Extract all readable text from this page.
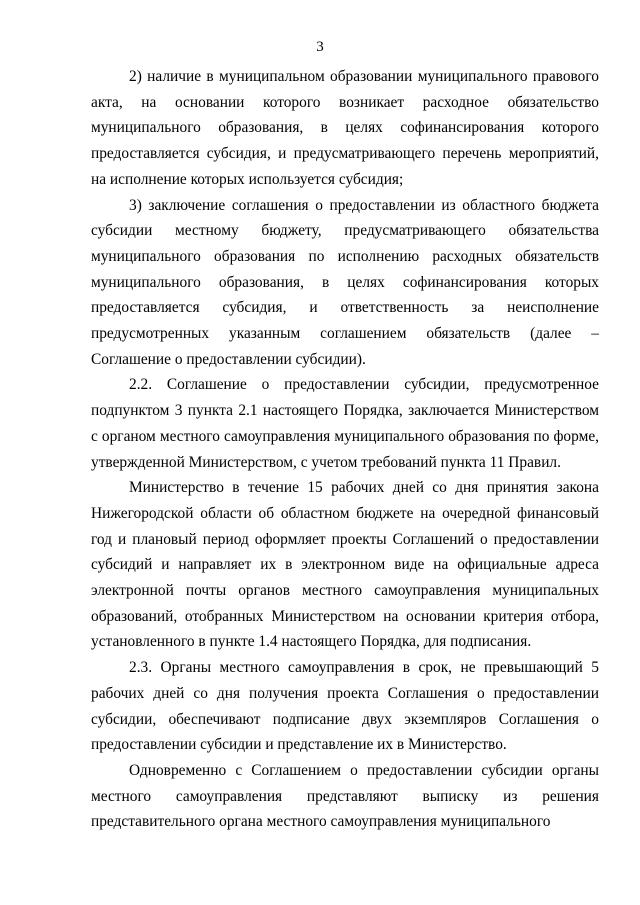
3

2) наличие в муниципальном образовании муниципального правового акта, на основании которого возникает расходное обязательство муниципального образования, в целях софинансирования которого предоставляется субсидия, и предусматривающего перечень мероприятий, на исполнение которых используется субсидия;

3) заключение соглашения о предоставлении из областного бюджета субсидии местному бюджету, предусматривающего обязательства муниципального образования по исполнению расходных обязательств муниципального образования, в целях софинансирования которых предоставляется субсидия, и ответственность за неисполнение предусмотренных указанным соглашением обязательств (далее – Соглашение о предоставлении субсидии).

2.2. Соглашение о предоставлении субсидии, предусмотренное подпунктом 3 пункта 2.1 настоящего Порядка, заключается Министерством с органом местного самоуправления муниципального образования по форме, утвержденной Министерством, с учетом требований пункта 11 Правил.

Министерство в течение 15 рабочих дней со дня принятия закона Нижегородской области об областном бюджете на очередной финансовый год и плановый период оформляет проекты Соглашений о предоставлении субсидий и направляет их в электронном виде на официальные адреса электронной почты органов местного самоуправления муниципальных образований, отобранных Министерством на основании критерия отбора, установленного в пункте 1.4 настоящего Порядка, для подписания.

2.3. Органы местного самоуправления в срок, не превышающий 5 рабочих дней со дня получения проекта Соглашения о предоставлении субсидии, обеспечивают подписание двух экземпляров Соглашения о предоставлении субсидии и представление их в Министерство.

Одновременно с Соглашением о предоставлении субсидии органы местного самоуправления представляют выписку из решения представительного органа местного самоуправления муниципального
